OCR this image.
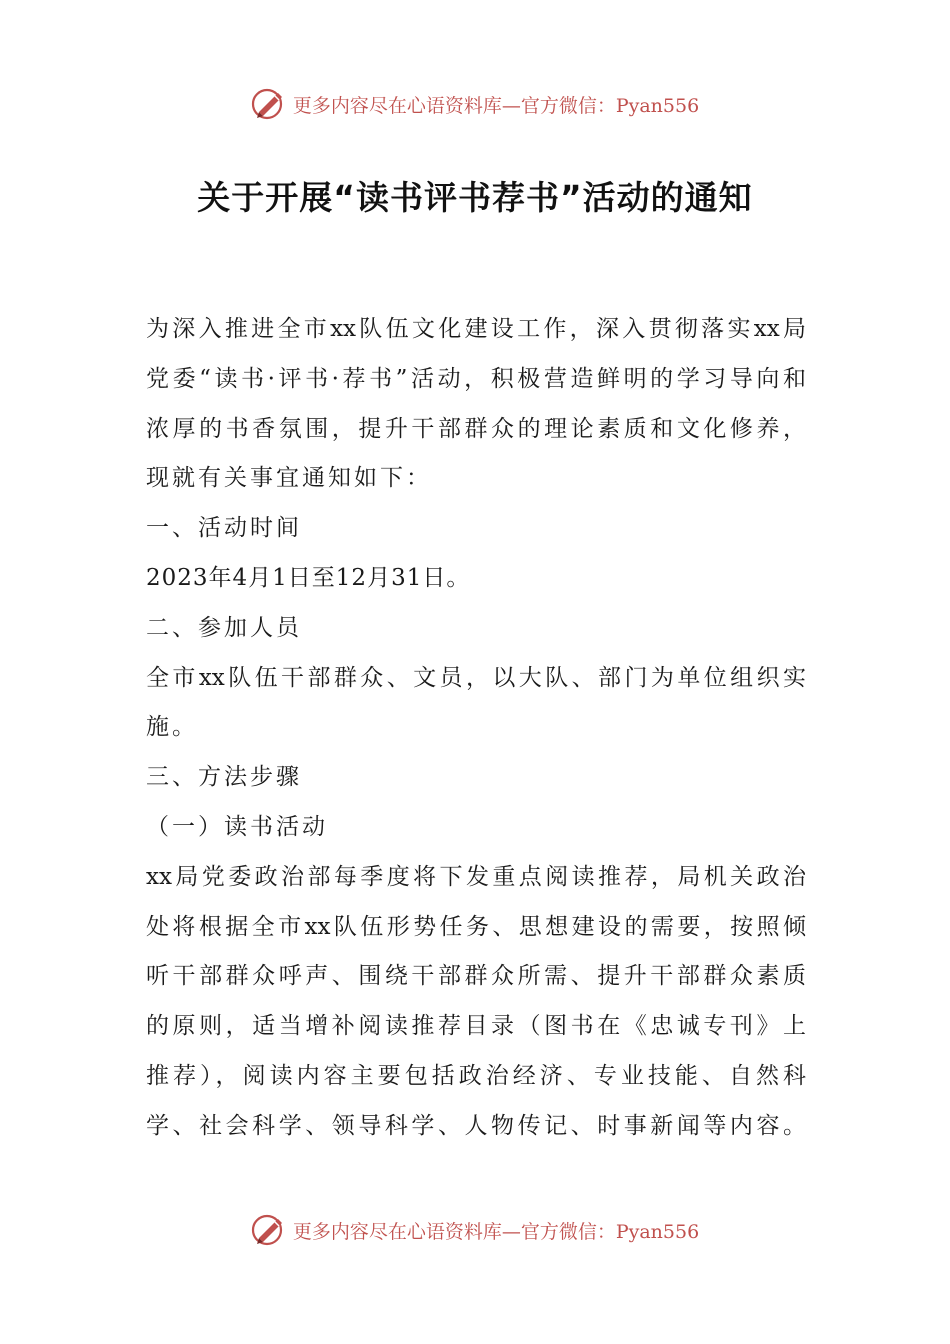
更多内容尽在心语资料库—官方微信：Pyan556
关于开展“读书评书荐书”活动的通知
为深入推进全市xx队伍文化建设工作，深入贯彻落实xx局
党委“读书·评书·荐书”活动，积极营造鲜明的学习导向和
浓厚的书香氛围，提升干部群众的理论素质和文化修养，
现就有关事宜通知如下：
一、活动时间
2023年4月1日至12月31日。
二、参加人员
全市xx队伍干部群众、文员，以大队、部门为单位组织实
施。
三、方法步骤
（一）读书活动
xx局党委政治部每季度将下发重点阅读推荐，局机关政治
处将根据全市xx队伍形势任务、思想建设的需要，按照倾
听干部群众呼声、围绕干部群众所需、提升干部群众素质
的原则，适当增补阅读推荐目录（图书在《忠诚专刊》上
推荐），阅读内容主要包括政治经济、专业技能、自然科
学、社会科学、领导科学、人物传记、时事新闻等内容。
更多内容尽在心语资料库—官方微信：Pyan556
